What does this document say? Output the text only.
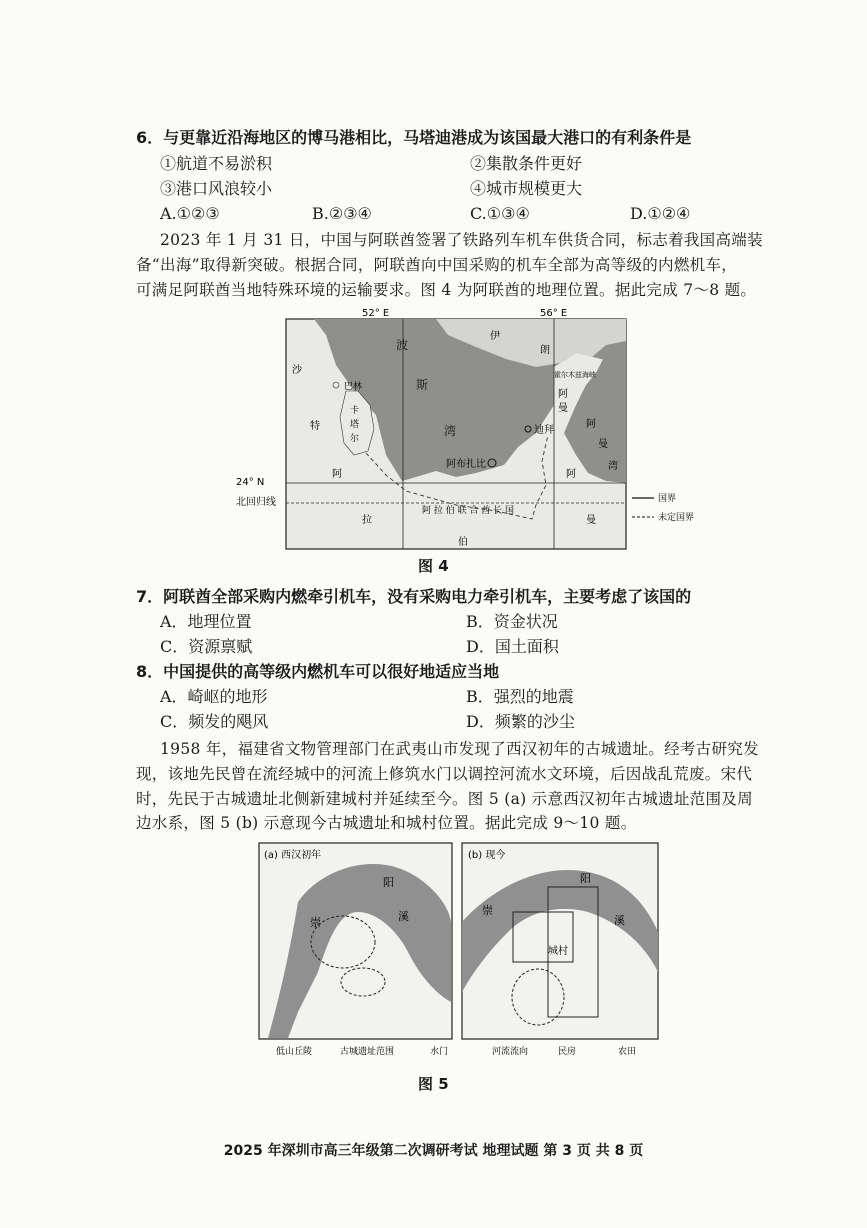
6．与更靠近沿海地区的博马港相比，马塔迪港成为该国最大港口的有利条件是
①航道不易淤积	②集散条件更好
③港口风浪较小	④城市规模更大
A.①②③	B.②③④	C.①③④	D.①②④
2023 年 1 月 31 日，中国与阿联酋签署了铁路列车机车供货合同，标志着我国高端装
备“出海”取得新突破。根据合同，阿联酋向中国采购的机车全部为高等级的内燃机车，
可满足阿联酋当地特殊环境的运输要求。图 4 为阿联酋的地理位置。据此完成 7～8 题。
52° E	56° E
沙
特
阿
拉
伯
波
斯
湾
伊
朗
巴林
卡
塔
尔
霍尔木兹海峡
阿
曼
阿
曼
湾
阿
曼
迪拜
阿布扎比
阿 拉 伯 联 合 酋 长 国
24° N
北回归线	国界
未定国界
图 4
7．阿联酋全部采购内燃牵引机车，没有采购电力牵引机车，主要考虑了该国的
A．地理位置	B．资金状况
C．资源禀赋	D．国土面积
8．中国提供的高等级内燃机车可以很好地适应当地
A．崎岖的地形	B．强烈的地震
C．频发的飓风	D．频繁的沙尘
1958 年，福建省文物管理部门在武夷山市发现了西汉初年的古城遗址。经考古研究发
现，该地先民曾在流经城中的河流上修筑水门以调控河流水文环境，后因战乱荒废。宋代
时，先民于古城遗址北侧新建城村并延续至今。图 5 (a) 示意西汉初年古城遗址范围及周
边水系，图 5 (b) 示意现今古城遗址和城村位置。据此完成 9～10 题。
(a) 西汉初年
崇
阳
溪
(b) 现今
城村
崇
阳
溪
低山丘陵	古城遗址范围	水门	河流流向	民房	农田
图 5
2025 年深圳市高三年级第二次调研考试 地理试题 第 3 页 共 8 页
